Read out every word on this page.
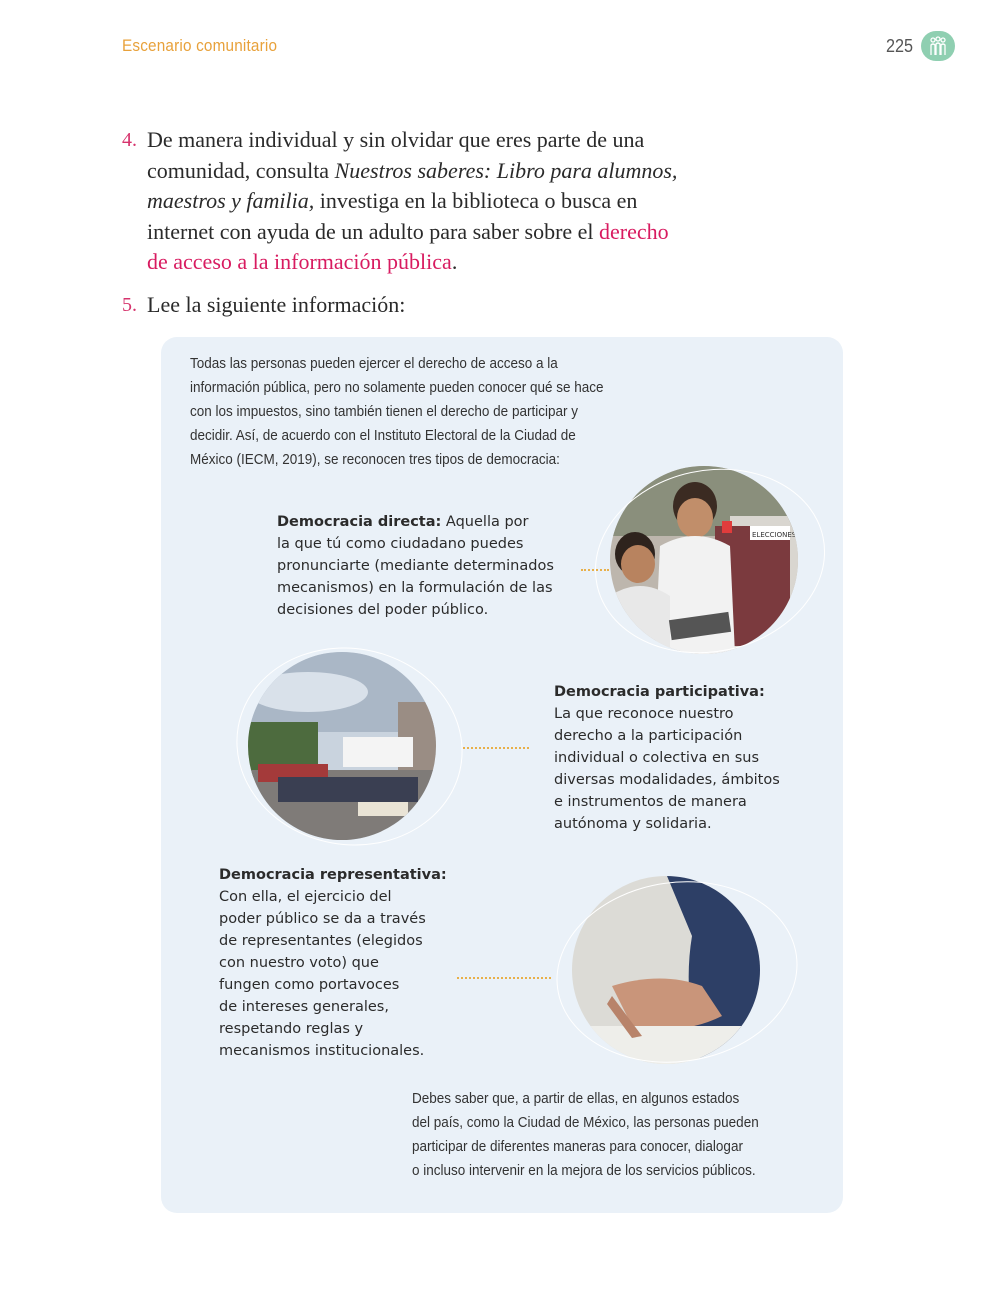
Escenario comunitario	225
4. De manera individual y sin olvidar que eres parte de una
comunidad, consulta Nuestros saberes: Libro para alumnos,
maestros y familia, investiga en la biblioteca o busca en
internet con ayuda de un adulto para saber sobre el derecho
de acceso a la información pública.
5. Lee la siguiente información:
Todas las personas pueden ejercer el derecho de acceso a la
información pública, pero no solamente pueden conocer qué se hace
con los impuestos, sino también tienen el derecho de participar y
decidir. Así, de acuerdo con el Instituto Electoral de la Ciudad de
México (IECM, 2019), se reconocen tres tipos de democracia:
Democracia directa: Aquella por
la que tú como ciudadano puedes
pronunciarte (mediante determinados
mecanismos) en la formulación de las
decisiones del poder público.
ELECCIONES
Democracia participativa:
La que reconoce nuestro
derecho a la participación
individual o colectiva en sus
diversas modalidades, ámbitos
e instrumentos de manera
autónoma y solidaria.
Democracia representativa:
Con ella, el ejercicio del
poder público se da a través
de representantes (elegidos
con nuestro voto) que
fungen como portavoces
de intereses generales,
respetando reglas y
mecanismos institucionales.
Debes saber que, a partir de ellas, en algunos estados
del país, como la Ciudad de México, las personas pueden
participar de diferentes maneras para conocer, dialogar
o incluso intervenir en la mejora de los servicios públicos.
